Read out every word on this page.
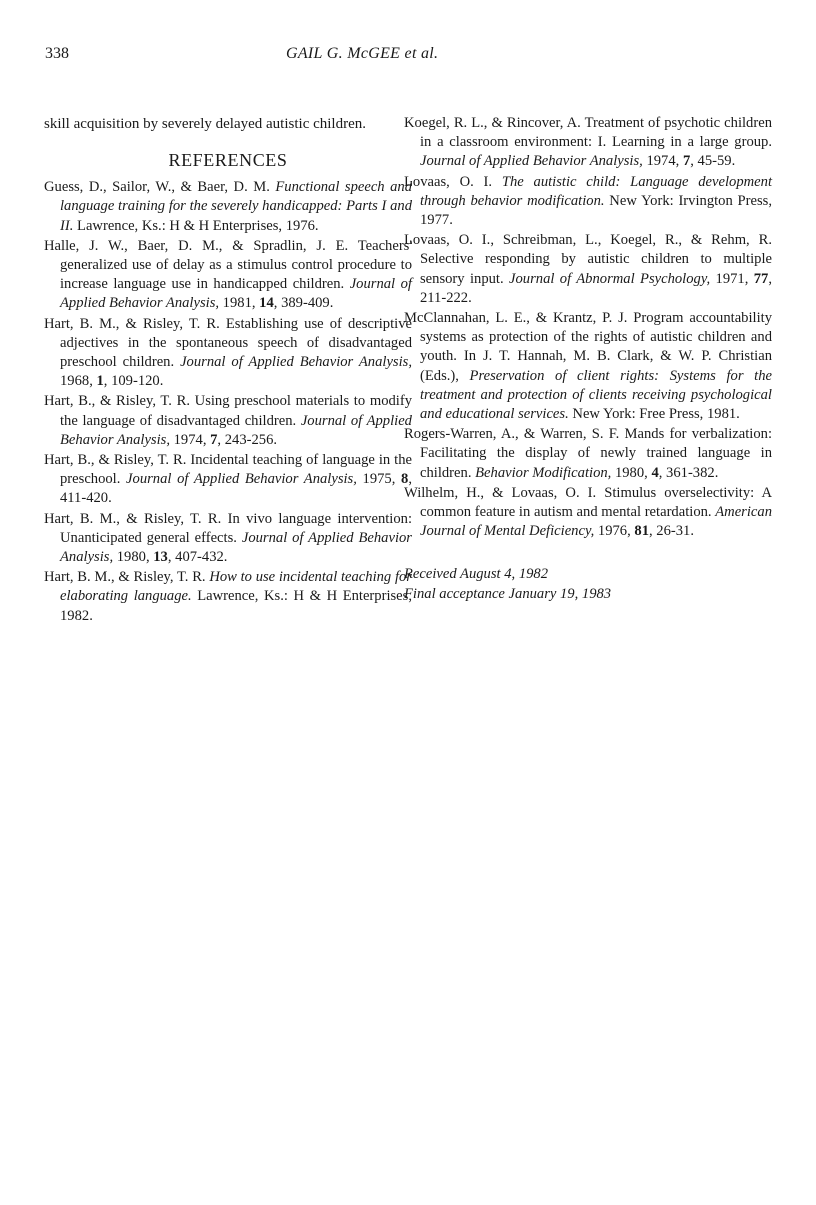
338	GAIL G. McGEE et al.
skill acquisition by severely delayed autistic children.
REFERENCES
Guess, D., Sailor, W., & Baer, D. M. Functional speech and language training for the severely handicapped: Parts I and II. Lawrence, Ks.: H & H Enterprises, 1976.
Halle, J. W., Baer, D. M., & Spradlin, J. E. Teachers' generalized use of delay as a stimulus control procedure to increase language use in handicapped children. Journal of Applied Behavior Analysis, 1981, 14, 389-409.
Hart, B. M., & Risley, T. R. Establishing use of descriptive adjectives in the spontaneous speech of disadvantaged preschool children. Journal of Applied Behavior Analysis, 1968, 1, 109-120.
Hart, B., & Risley, T. R. Using preschool materials to modify the language of disadvantaged children. Journal of Applied Behavior Analysis, 1974, 7, 243-256.
Hart, B., & Risley, T. R. Incidental teaching of language in the preschool. Journal of Applied Behavior Analysis, 1975, 8, 411-420.
Hart, B. M., & Risley, T. R. In vivo language intervention: Unanticipated general effects. Journal of Applied Behavior Analysis, 1980, 13, 407-432.
Hart, B. M., & Risley, T. R. How to use incidental teaching for elaborating language. Lawrence, Ks.: H & H Enterprises, 1982.
Koegel, R. L., & Rincover, A. Treatment of psychotic children in a classroom environment: I. Learning in a large group. Journal of Applied Behavior Analysis, 1974, 7, 45-59.
Lovaas, O. I. The autistic child: Language development through behavior modification. New York: Irvington Press, 1977.
Lovaas, O. I., Schreibman, L., Koegel, R., & Rehm, R. Selective responding by autistic children to multiple sensory input. Journal of Abnormal Psychology, 1971, 77, 211-222.
McClannahan, L. E., & Krantz, P. J. Program accountability systems as protection of the rights of autistic children and youth. In J. T. Hannah, M. B. Clark, & W. P. Christian (Eds.), Preservation of client rights: Systems for the treatment and protection of clients receiving psychological and educational services. New York: Free Press, 1981.
Rogers-Warren, A., & Warren, S. F. Mands for verbalization: Facilitating the display of newly trained language in children. Behavior Modification, 1980, 4, 361-382.
Wilhelm, H., & Lovaas, O. I. Stimulus overselectivity: A common feature in autism and mental retardation. American Journal of Mental Deficiency, 1976, 81, 26-31.
Received August 4, 1982
Final acceptance January 19, 1983
